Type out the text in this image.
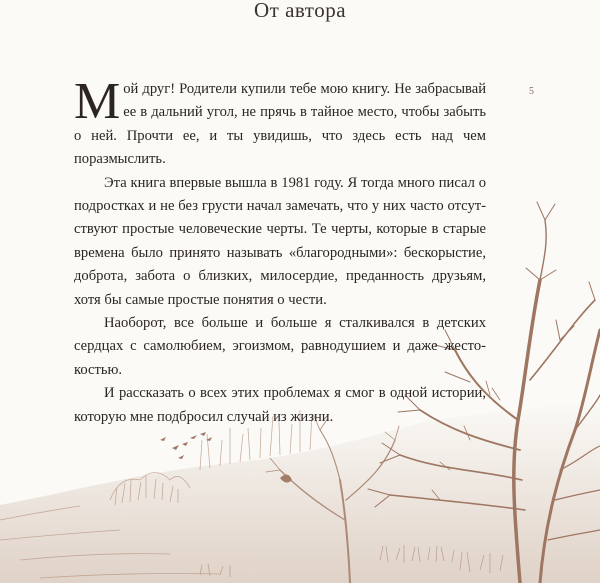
От автора
5

Мой друг! Родители купили тебе мою книгу. Не забрасывай ее в дальний угол, не прячь в тайное место, чтобы забыть о ней. Прочти ее, и ты увидишь, что здесь есть над чем поразмыслить.

Эта книга впервые вышла в 1981 году. Я тогда много писал о подростках и не без грусти начал замечать, что у них часто отсутствуют простые человеческие черты. Те черты, которые в старые времена было принято называть «благородными»: бескорыстие, доброта, забота о близких, милосердие, преданность друзьям, хотя бы самые простые понятия о чести.

Наоборот, все больше и больше я сталкивался в детских сердцах с самолюбием, эгоизмом, равнодушием и даже жестокостью.

И рассказать о всех этих проблемах я смог в одной истории, которую мне подбросил случай из жизни.
